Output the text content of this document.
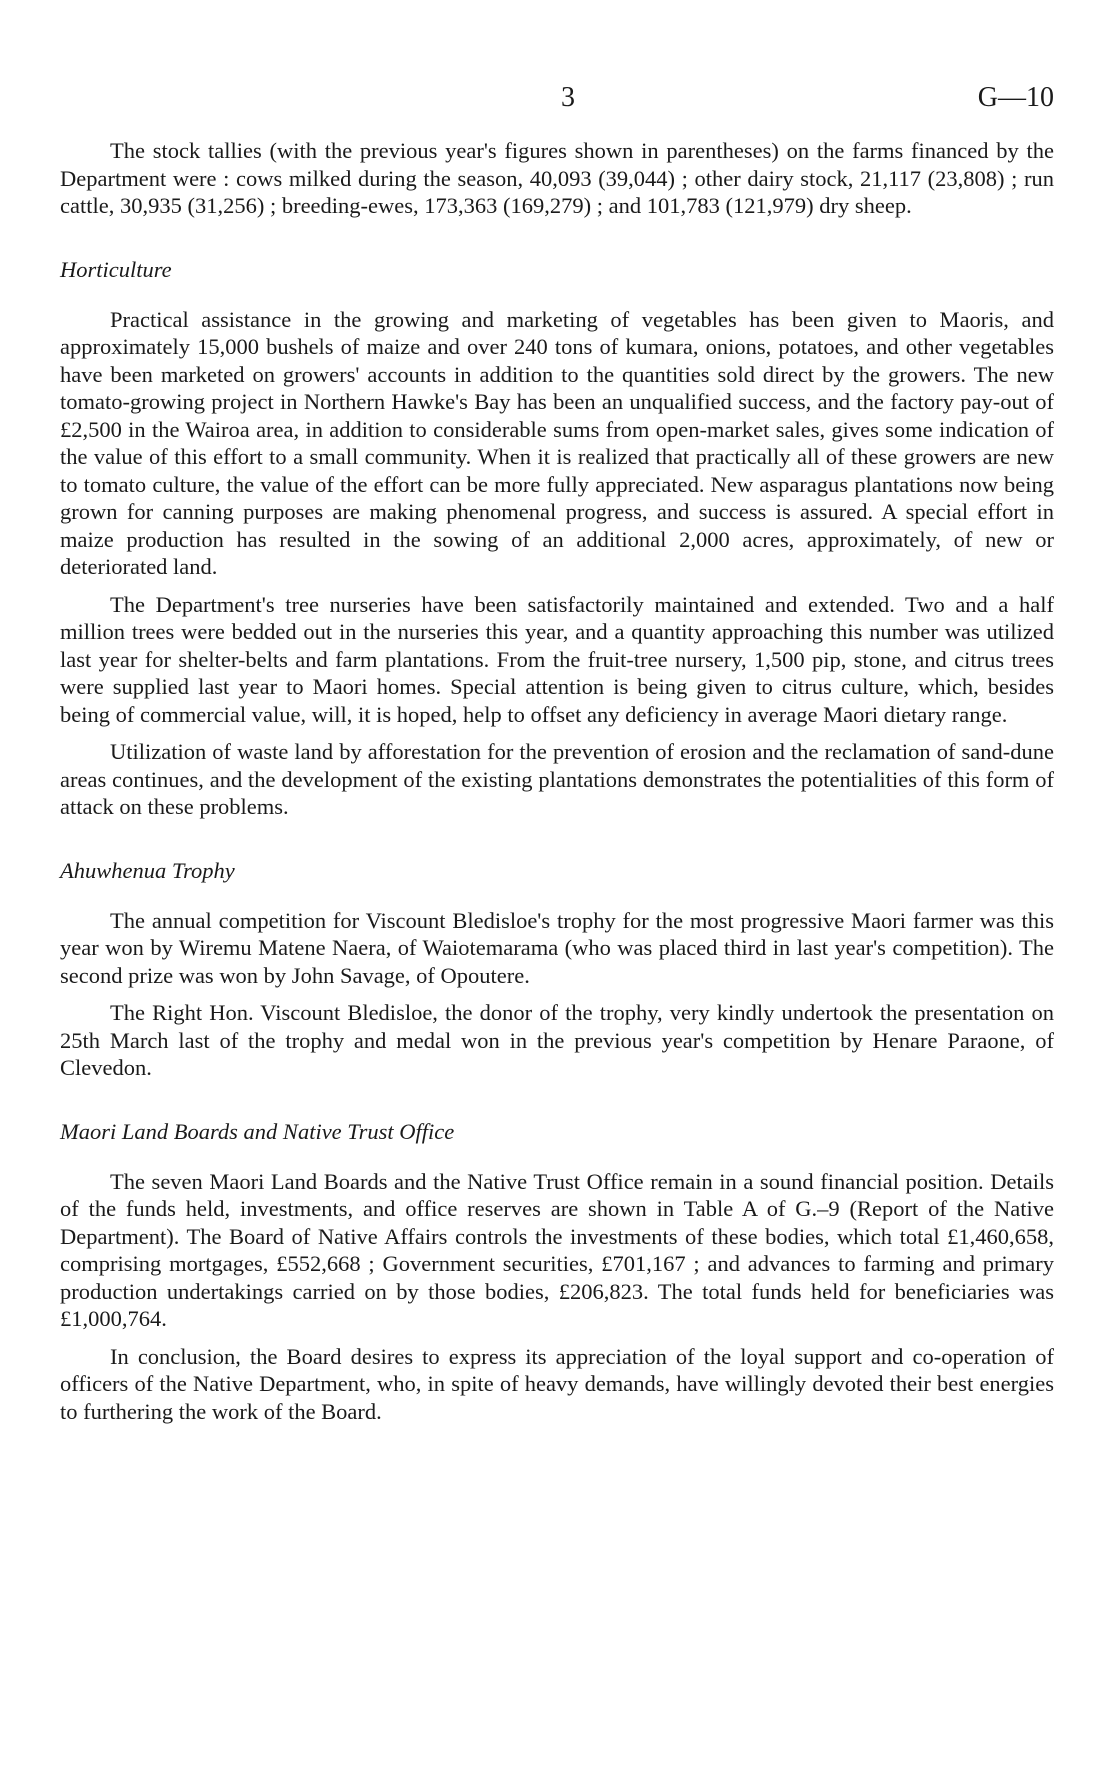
3	G—10

The stock tallies (with the previous year's figures shown in parentheses) on the farms financed by the Department were : cows milked during the season, 40,093 (39,044) ; other dairy stock, 21,117 (23,808) ; run cattle, 30,935 (31,256) ; breeding-ewes, 173,363 (169,279) ; and 101,783 (121,979) dry sheep.

Horticulture

Practical assistance in the growing and marketing of vegetables has been given to Maoris, and approximately 15,000 bushels of maize and over 240 tons of kumara, onions, potatoes, and other vegetables have been marketed on growers' accounts in addition to the quantities sold direct by the growers. The new tomato-growing project in Northern Hawke's Bay has been an unqualified success, and the factory pay-out of £2,500 in the Wairoa area, in addition to considerable sums from open-market sales, gives some indication of the value of this effort to a small community. When it is realized that practically all of these growers are new to tomato culture, the value of the effort can be more fully appreciated. New asparagus plantations now being grown for canning purposes are making phenomenal progress, and success is assured. A special effort in maize production has resulted in the sowing of an additional 2,000 acres, approximately, of new or deteriorated land.

The Department's tree nurseries have been satisfactorily maintained and extended. Two and a half million trees were bedded out in the nurseries this year, and a quantity approaching this number was utilized last year for shelter-belts and farm plantations. From the fruit-tree nursery, 1,500 pip, stone, and citrus trees were supplied last year to Maori homes. Special attention is being given to citrus culture, which, besides being of commercial value, will, it is hoped, help to offset any deficiency in average Maori dietary range.

Utilization of waste land by afforestation for the prevention of erosion and the reclamation of sand-dune areas continues, and the development of the existing plantations demonstrates the potentialities of this form of attack on these problems.

Ahuwhenua Trophy

The annual competition for Viscount Bledisloe's trophy for the most progressive Maori farmer was this year won by Wiremu Matene Naera, of Waiotemarama (who was placed third in last year's competition). The second prize was won by John Savage, of Opoutere.

The Right Hon. Viscount Bledisloe, the donor of the trophy, very kindly undertook the presentation on 25th March last of the trophy and medal won in the previous year's competition by Henare Paraone, of Clevedon.

Maori Land Boards and Native Trust Office

The seven Maori Land Boards and the Native Trust Office remain in a sound financial position. Details of the funds held, investments, and office reserves are shown in Table A of G.–9 (Report of the Native Department). The Board of Native Affairs controls the investments of these bodies, which total £1,460,658, comprising mortgages, £552,668 ; Government securities, £701,167 ; and advances to farming and primary production undertakings carried on by those bodies, £206,823. The total funds held for beneficiaries was £1,000,764.

In conclusion, the Board desires to express its appreciation of the loyal support and co-operation of officers of the Native Department, who, in spite of heavy demands, have willingly devoted their best energies to furthering the work of the Board.
